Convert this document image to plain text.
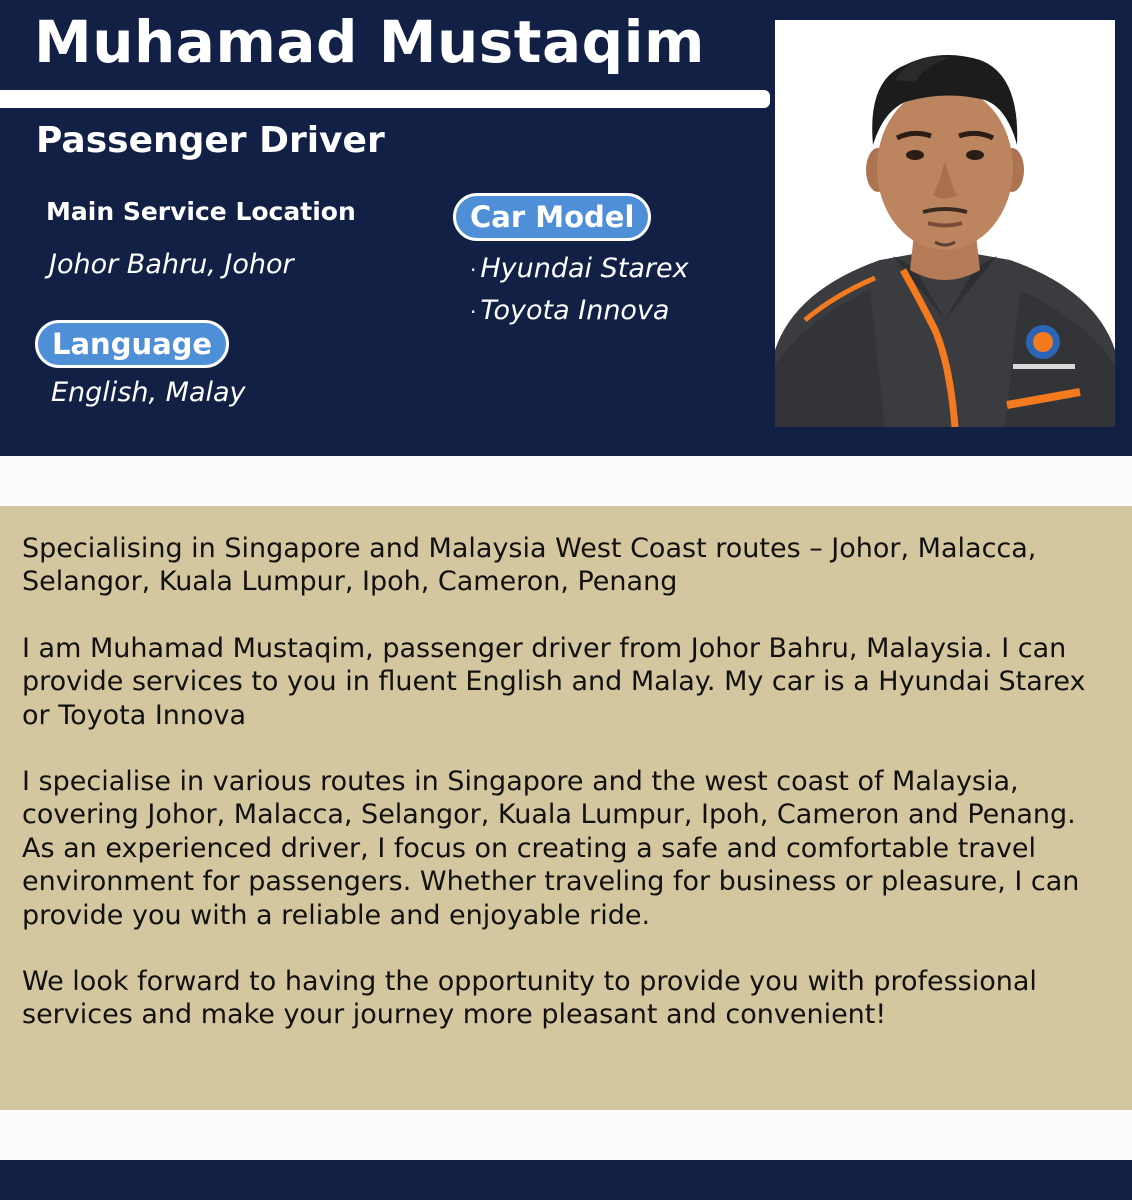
Muhamad Mustaqim
Passenger Driver
Main Service Location
Johor Bahru, Johor
Language
English, Malay
Car Model
· Hyundai Starex
· Toyota Innova

Specialising in Singapore and Malaysia West Coast routes – Johor, Malacca, Selangor, Kuala Lumpur, Ipoh, Cameron, Penang

I am Muhamad Mustaqim, passenger driver from Johor Bahru, Malaysia. I can provide services to you in fluent English and Malay. My car is a Hyundai Starex or Toyota Innova

I specialise in various routes in Singapore and the west coast of Malaysia, covering Johor, Malacca, Selangor, Kuala Lumpur, Ipoh, Cameron and Penang. As an experienced driver, I focus on creating a safe and comfortable travel environment for passengers. Whether traveling for business or pleasure, I can provide you with a reliable and enjoyable ride.

We look forward to having the opportunity to provide you with professional services and make your journey more pleasant and convenient!
